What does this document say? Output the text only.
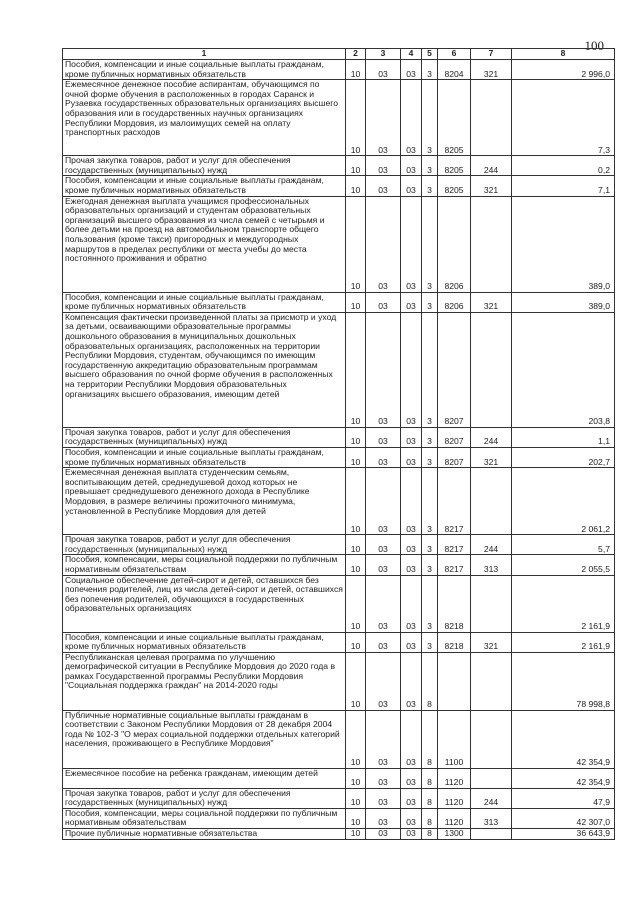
100
1	2	3	4	5	6	7	8
Пособия, компенсации и иные социальные выплаты гражданам, кроме публичных нормативных обязательств	10	03	03	3	8204	321	2 996,0
Ежемесячное денежное пособие аспирантам, обучающимся по очной форме обучения в расположенных в городах Саранск и Рузаевка государственных образовательных организациях высшего образования или в государственных научных организациях Республики Мордовия, из малоимущих семей на оплату транспортных расходов	10	03	03	3	8205		7,3
Прочая закупка товаров, работ и услуг для обеспечения государственных (муниципальных) нужд	10	03	03	3	8205	244	0,2
Пособия, компенсации и иные социальные выплаты гражданам, кроме публичных нормативных обязательств	10	03	03	3	8205	321	7,1
Ежегодная денежная выплата учащимся профессиональных образовательных организаций и студентам образовательных организаций высшего образования из числа семей с четырьмя и более детьми на проезд на автомобильном транспорте общего пользования (кроме такси) пригородных и междугородных маршрутов в пределах республики от места учебы до места постоянного проживания и обратно	10	03	03	3	8206		389,0
Пособия, компенсации и иные социальные выплаты гражданам, кроме публичных нормативных обязательств	10	03	03	3	8206	321	389,0
Компенсация фактически произведенной платы за присмотр и уход за детьми, осваивающими образовательные программы дошкольного образования в муниципальных дошкольных образовательных организациях, расположенных на территории Республики Мордовия, студентам, обучающимся по имеющим государственную аккредитацию образовательным программам высшего образования по очной форме обучения в расположенных на территории Республики Мордовия образовательных организациях высшего образования, имеющим детей	10	03	03	3	8207		203,8
Прочая закупка товаров, работ и услуг для обеспечения государственных (муниципальных) нужд	10	03	03	3	8207	244	1,1
Пособия, компенсации и иные социальные выплаты гражданам, кроме публичных нормативных обязательств	10	03	03	3	8207	321	202,7
Ежемесячная денежная выплата студенческим семьям, воспитывающим детей, среднедушевой доход которых не превышает среднедушевого денежного дохода в Республике Мордовия, в размере величины прожиточного минимума, установленной в Республике Мордовия для детей	10	03	03	3	8217		2 061,2
Прочая закупка товаров, работ и услуг для обеспечения государственных (муниципальных) нужд	10	03	03	3	8217	244	5,7
Пособия, компенсации, меры социальной поддержки по публичным нормативным обязательствам	10	03	03	3	8217	313	2 055,5
Социальное обеспечение детей-сирот и детей, оставшихся без попечения родителей, лиц из числа детей-сирот и детей, оставшихся без попечения родителей, обучающихся в государственных образовательных организациях	10	03	03	3	8218		2 161,9
Пособия, компенсации и иные социальные выплаты гражданам, кроме публичных нормативных обязательств	10	03	03	3	8218	321	2 161,9
Республиканская целевая программа по улучшению демографической ситуации в Республике Мордовия до 2020 года в рамках Государственной программы Республики Мордовия "Социальная поддержка граждан" на 2014-2020 годы	10	03	03	8			78 998,8
Публичные нормативные социальные выплаты гражданам в соответствии с Законом Республики Мордовия от 28 декабря 2004 года № 102-З "О мерах социальной поддержки отдельных категорий населения, проживающего в Республике Мордовия"	10	03	03	8	1100		42 354,9
Ежемесячное пособие на ребенка гражданам, имеющим детей	10	03	03	8	1120		42 354,9
Прочая закупка товаров, работ и услуг для обеспечения государственных (муниципальных) нужд	10	03	03	8	1120	244	47,9
Пособия, компенсации, меры социальной поддержки по публичным нормативным обязательствам	10	03	03	8	1120	313	42 307,0
Прочие публичные нормативные обязательства	10	03	03	8	1300		36 643,9
